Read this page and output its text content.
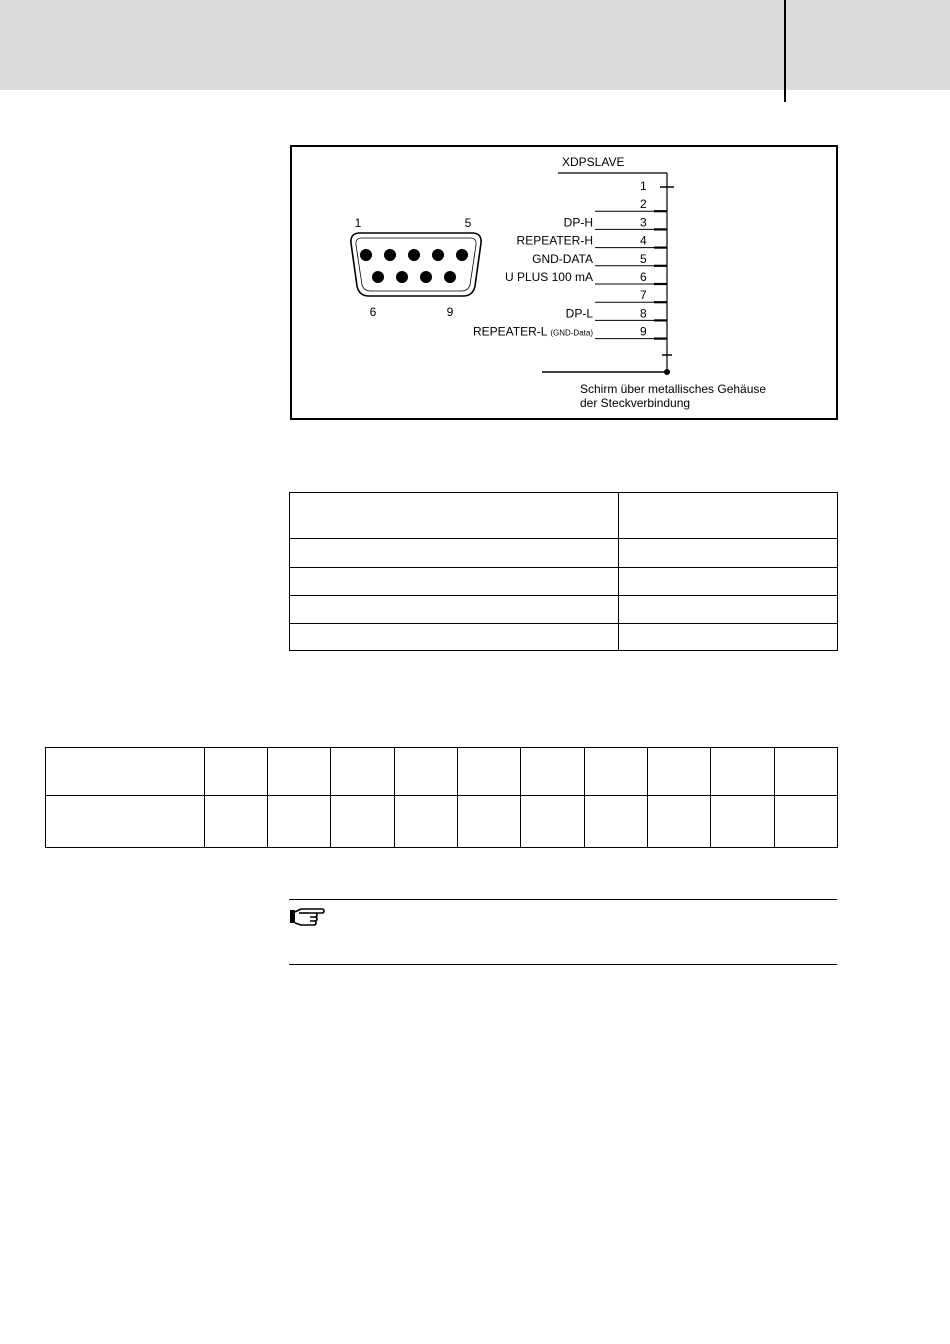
1	5
6	9
XDPSLAVE
1
2
3
DP-H
4
REPEATER-H
5
GND-DATA
6
U PLUS 100 mA
7
8
DP-L
9
REPEATER-L (GND-Data)
Schirm über metallisches Gehäuse
der Steckverbindung
